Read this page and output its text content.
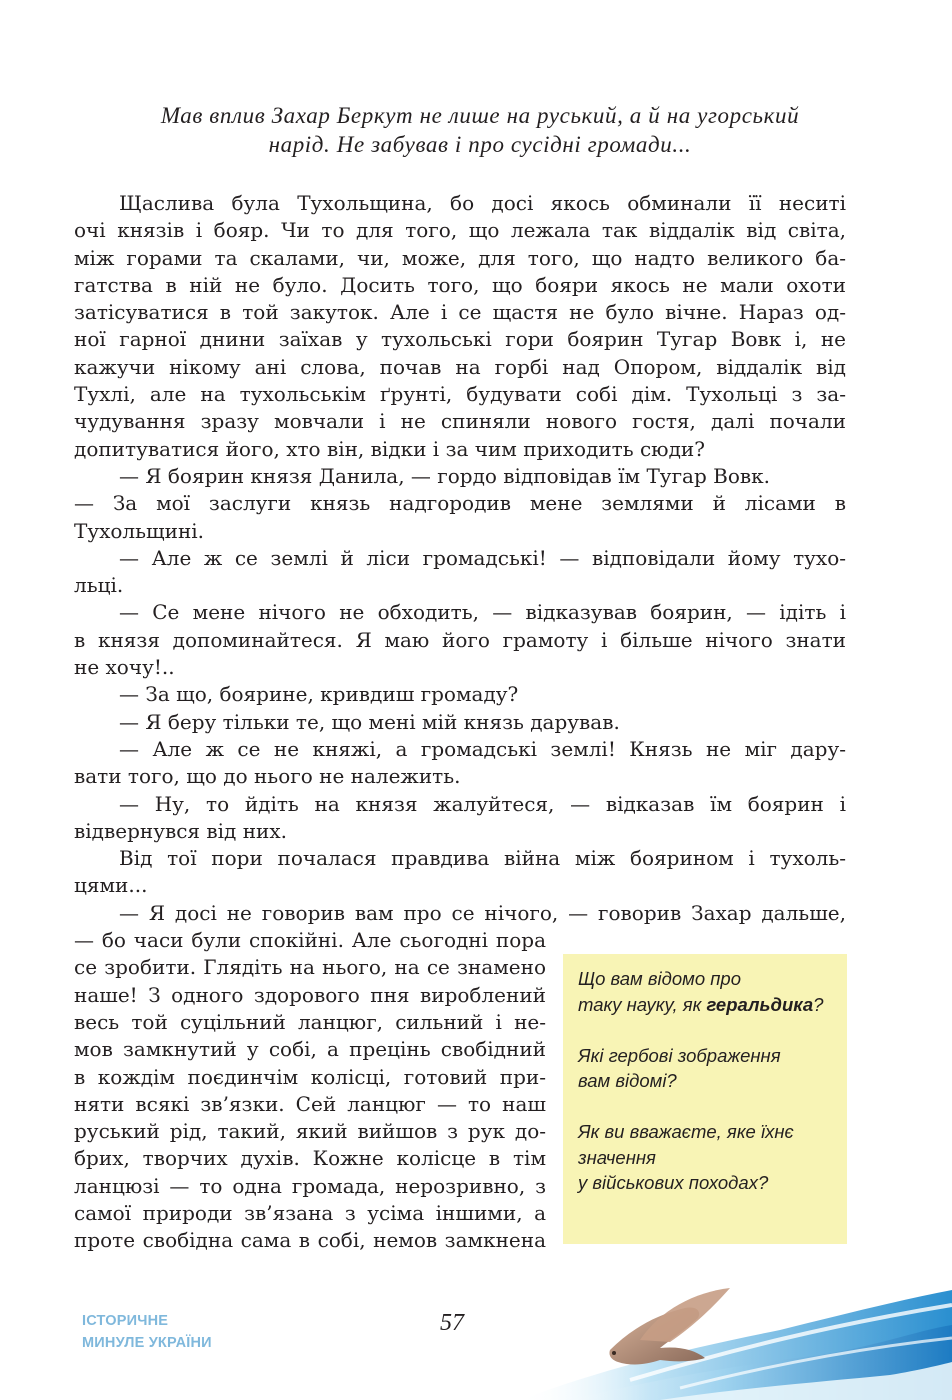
Мав вплив Захар Беркут не лише на руський, а й на угорський
нарід. Не забував і про сусідні громади...
Щаслива була Тухольщина, бо досі якось обминали її неситі
очі князів і бояр. Чи то для того, що лежала так віддалік від світа,
між горами та скалами, чи, може, для того, що надто великого ба-
гатства в ній не було. Досить того, що бояри якось не мали охоти
затісуватися в той закуток. Але і се щастя не було вічне. Нараз од-
ної гарної днини заїхав у тухольські гори боярин Тугар Вовк і, не
кажучи нікому ані слова, почав на горбі над Опором, віддалік від
Тухлі, але на тухольськім ґрунті, будувати собі дім. Тухольці з за-
чудування зразу мовчали і не спиняли нового гостя, далі почали
допитуватися його, хто він, відки і за чим приходить сюди?
— Я боярин князя Данила, — гордо відповідав їм Тугар Вовк.
— За мої заслуги князь надгородив мене землями й лісами в
Тухольщині.
— Але ж се землі й ліси громадські! — відповідали йому тухо-
льці.
— Се мене нічого не обходить, — відказував боярин, — ідіть і
в князя допоминайтеся. Я маю його грамоту і більше нічого знати
не хочу!..
— За що, боярине, кривдиш громаду?
— Я беру тільки те, що мені мій князь дарував.
— Але ж се не княжі, а громадські землі! Князь не міг дару-
вати того, що до нього не належить.
— Ну, то йдіть на князя жалуйтеся, — відказав їм боярин і
відвернувся від них.
Від тої пори почалася правдива війна між боярином і тухоль-
цями...
— Я досі не говорив вам про се нічого, — говорив Захар дальше,
— бо часи були спокійні. Але сьогодні пора
се зробити. Глядіть на нього, на се знамено
наше! З одного здорового пня вироблений
весь той суцільний ланцюг, сильний і не-
мов замкнутий у собі, а прецінь свобідний
в кождім поєдинчім колісці, готовий при-
няти всякі зв’язки. Сей ланцюг — то наш
руський рід, такий, який вийшов з рук до-
брих, творчих духів. Кожне колісце в тім
ланцюзі — то одна громада, нерозривно, з
самої природи зв’язана з усіма іншими, а
проте свобідна сама в собі, немов замкнена

Що вам відомо про
таку науку, як геральдика?

Які гербові зображення
вам відомі?

Як ви вважаєте, яке їхнє
значення
у військових походах?

ІСТОРИЧНЕ
МИНУЛЕ УКРАЇНИ
57
